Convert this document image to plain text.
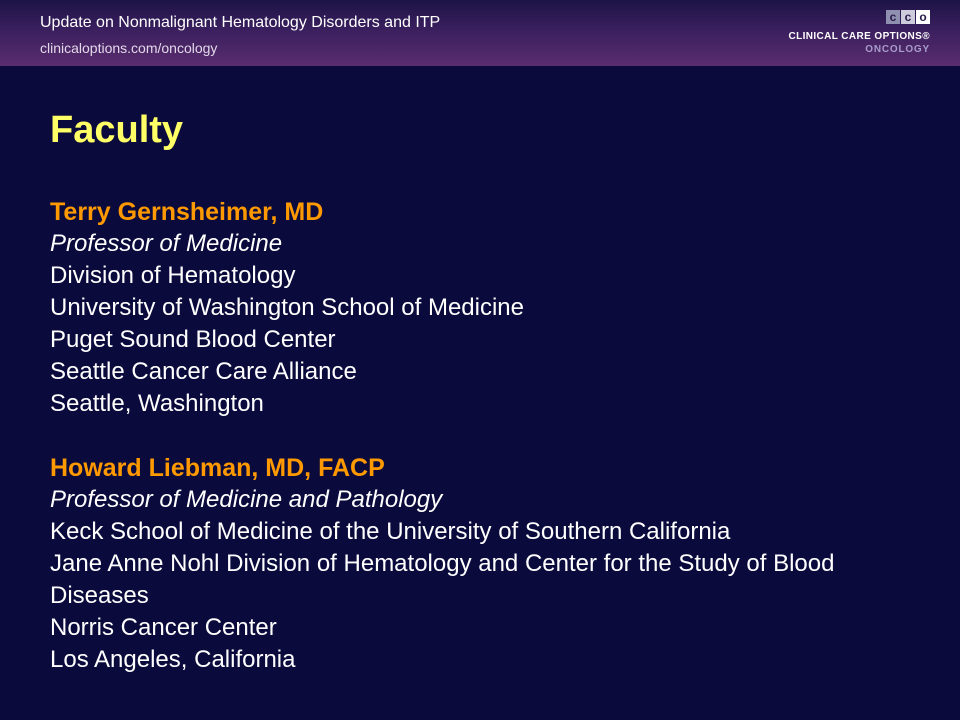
Update on Nonmalignant Hematology Disorders and ITP
clinicaloptions.com/oncology
c c o
CLINICAL CARE OPTIONS®
ONCOLOGY
Faculty
Terry Gernsheimer, MD
Professor of Medicine
Division of Hematology
University of Washington School of Medicine
Puget Sound Blood Center
Seattle Cancer Care Alliance
Seattle, Washington
Howard Liebman, MD, FACP
Professor of Medicine and Pathology
Keck School of Medicine of the University of Southern California
Jane Anne Nohl Division of Hematology and Center for the Study of Blood Diseases
Norris Cancer Center
Los Angeles, California
